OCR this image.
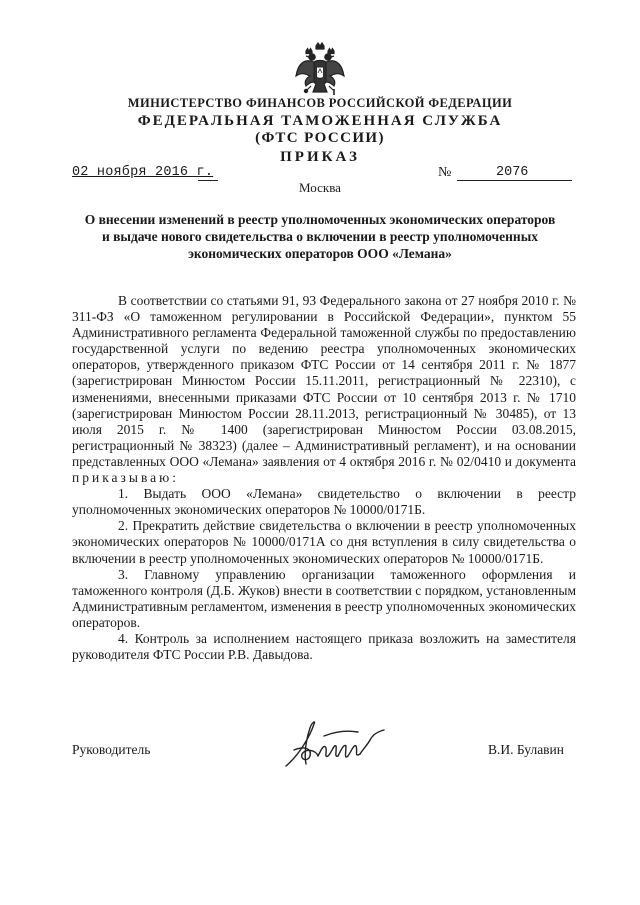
МИНИСТЕРСТВО ФИНАНСОВ РОССИЙСКОЙ ФЕДЕРАЦИИ
ФЕДЕРАЛЬНАЯ ТАМОЖЕННАЯ СЛУЖБА
(ФТС РОССИИ)
ПРИКАЗ
02 ноября 2016 г.	№	2076
Москва
О внесении изменений в реестр уполномоченных экономических операторов
и выдаче нового свидетельства о включении в реестр уполномоченных
экономических операторов ООО «Лемана»

В соответствии со статьями 91, 93 Федерального закона от 27 ноября 2010 г. № 311-ФЗ «О таможенном регулировании в Российской Федерации», пунктом 55 Административного регламента Федеральной таможенной службы по предоставлению государственной услуги по ведению реестра уполномоченных экономических операторов, утвержденного приказом ФТС России от 14 сентября 2011 г. № 1877 (зарегистрирован Минюстом России 15.11.2011, регистрационный № 22310), с изменениями, внесенными приказами ФТС России от 10 сентября 2013 г. № 1710 (зарегистрирован Минюстом России 28.11.2013, регистрационный № 30485), от 13 июля 2015 г. № 1400 (зарегистрирован Минюстом России 03.08.2015, регистрационный № 38323) (далее – Административный регламент), и на основании представленных ООО «Лемана» заявления от 4 октября 2016 г. № 02/0410 и документа приказываю:

1. Выдать ООО «Лемана» свидетельство о включении в реестр уполномоченных экономических операторов № 10000/0171Б.

2. Прекратить действие свидетельства о включении в реестр уполномоченных экономических операторов № 10000/0171А со дня вступления в силу свидетельства о включении в реестр уполномоченных экономических операторов № 10000/0171Б.

3. Главному управлению организации таможенного оформления и таможенного контроля (Д.Б. Жуков) внести в соответствии с порядком, установленным Административным регламентом, изменения в реестр уполномоченных экономических операторов.

4. Контроль за исполнением настоящего приказа возложить на заместителя руководителя ФТС России Р.В. Давыдова.

Руководитель	В.И. Булавин
